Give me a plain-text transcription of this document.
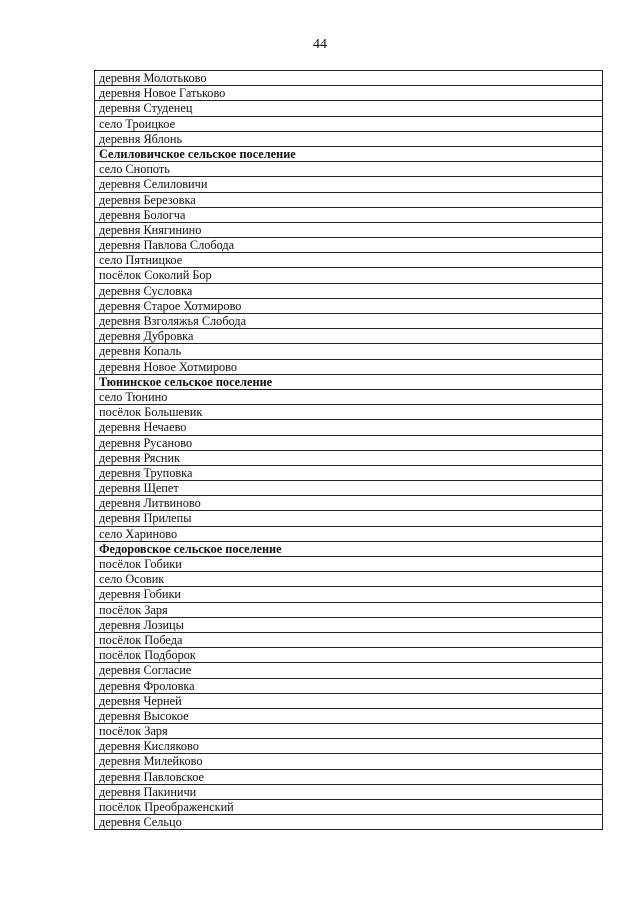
44
деревня Молотьково
деревня Новое Гатьково
деревня Студенец
село Троицкое
деревня Яблонь
Селиловичское сельское поселение
село Снопоть
деревня Селиловичи
деревня Березовка
деревня Бологча
деревня Княгинино
деревня Павлова Слобода
село Пятницкое
посёлок Соколий Бор
деревня Сусловка
деревня Старое Хотмирово
деревня Взголяжья Слобода
деревня Дубровка
деревня Копаль
деревня Новое Хотмирово
Тюнинское сельское поселение
село Тюнино
посёлок Большевик
деревня Нечаево
деревня Русаново
деревня Рясник
деревня Труповка
деревня Щепет
деревня Литвиново
деревня Прилепы
село Хариново
Федоровское сельское поселение
посёлок Гобики
село Осовик
деревня Гобики
посёлок Заря
деревня Лозицы
посёлок Победа
посёлок Подборок
деревня Согласие
деревня Фроловка
деревня Черней
деревня Высокое
посёлок Заря
деревня Кисляково
деревня Милейково
деревня Павловское
деревня Пакиничи
посёлок Преображенский
деревня Сельцо
